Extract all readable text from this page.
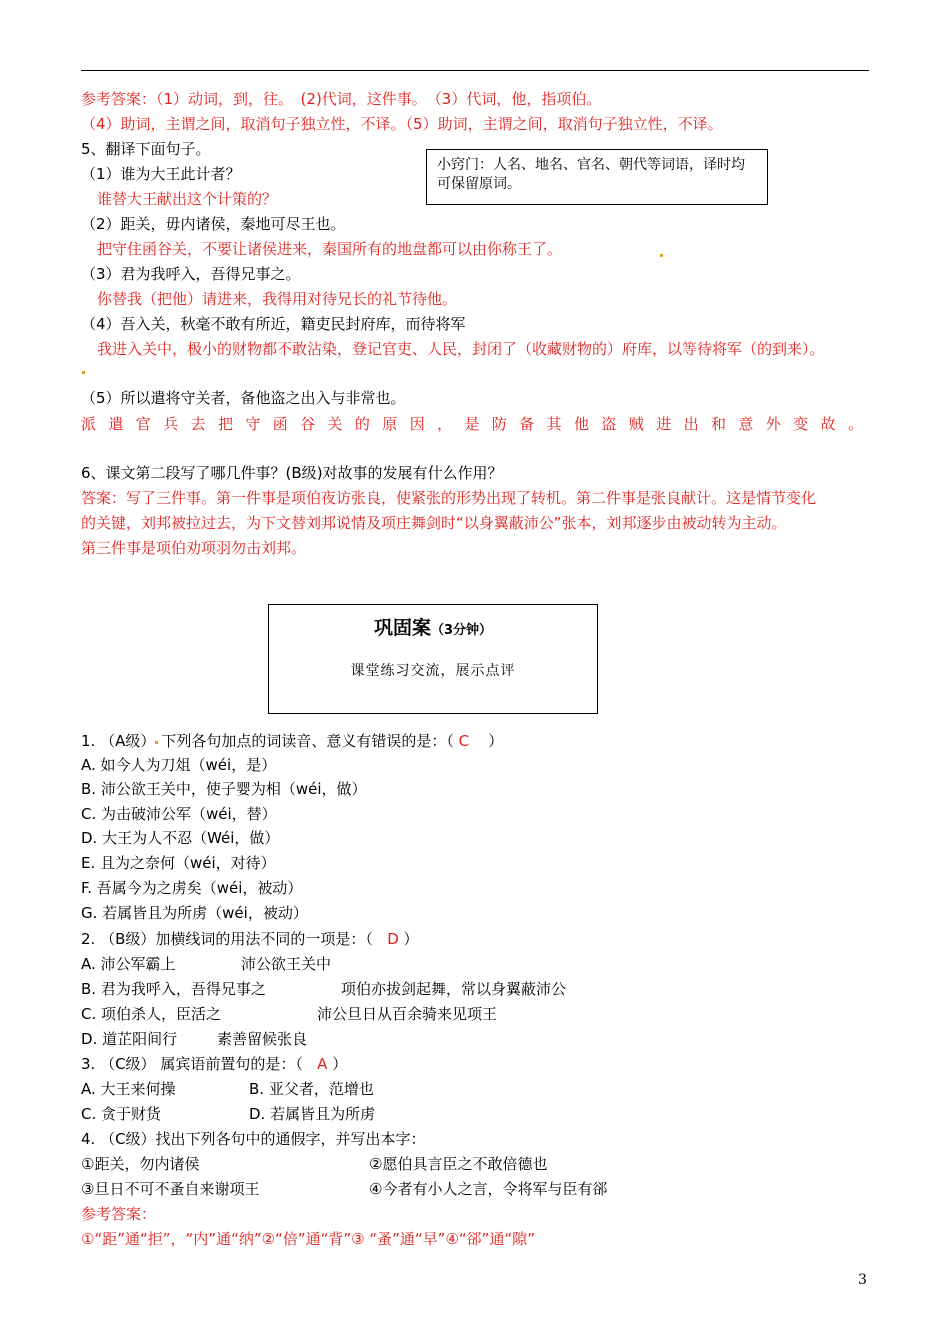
参考答案：（1）动词，到，往。　(2)代词，这件事。　（3）代词，他，指项伯。
（4）助词，主谓之间，取消句子独立性，不译。（5）助词，主谓之间，取消句子独立性，不译。
5、翻译下面句子。
小窍门：人名、地名、官名、朝代等词语，译时均可保留原词。
（1）谁为大王此计者？
谁替大王献出这个计策的？
（2）距关，毋内诸侯，秦地可尽王也。
把守住函谷关，不要让诸侯进来，秦国所有的地盘都可以由你称王了。
（3）君为我呼入，吾得兄事之。
你替我（把他）请进来，我得用对待兄长的礼节待他。
（4）吾入关，秋毫不敢有所近，籍吏民封府库，而待将军
我进入关中，极小的财物都不敢沾染，登记官吏、人民，封闭了（收藏财物的）府库，以等待将军（的到来）。
（5）所以遣将守关者，备他盗之出入与非常也。
派 遣 官 兵 去 把 守 函 谷 关 的 原 因 ， 是 防 备 其 他 盗 贼 进 出 和 意 外 变 故 。
6、课文第二段写了哪几件事？(B级)对故事的发展有什么作用？
答案：写了三件事。第一件事是项伯夜访张良，使紧张的形势出现了转机。第二件事是张良献计。这是情节变化
的关键，刘邦被拉过去，为下文替刘邦说情及项庄舞剑时“以身翼蔽沛公”张本，刘邦逐步由被动转为主动。
第三件事是项伯劝项羽勿击刘邦。
巩固案（3分钟）
课堂练习交流，展示点评
1. （A级） 下列各句加点的词读音、意义有错误的是：（ C ）
A. 如今人为刀俎（wéi，是）
B. 沛公欲王关中，使子婴为相（wéi，做）
C. 为击破沛公军（wéi，替）
D. 大王为人不忍（Wéi，做）
E. 且为之奈何（wéi，对待）
F. 吾属今为之虏矣（wéi，被动）
G. 若属皆且为所虏（wéi，被动）
2. （B级）加横线词的用法不同的一项是：（ D ）
A. 沛公军霸上	沛公欲王关中
B. 君为我呼入，吾得兄事之	项伯亦拔剑起舞，常以身翼蔽沛公
C. 项伯杀人，臣活之	沛公旦日从百余骑来见项王
D. 道芷阳间行	素善留候张良
3. （C级） 属宾语前置句的是：（ A ）
A. 大王来何操	B. 亚父者，范增也
C. 贪于财货	D. 若属皆且为所虏
4. （C级）找出下列各句中的通假字，并写出本字：
①距关，勿内诸侯	②愿伯具言臣之不敢倍德也
③旦日不可不蚤自来谢项王	④今者有小人之言，令将军与臣有郤
参考答案：
①“距”通“拒”，“内”通“纳”②“倍”通“背”③ “蚤”通“早”④“郤”通“隙”
3
